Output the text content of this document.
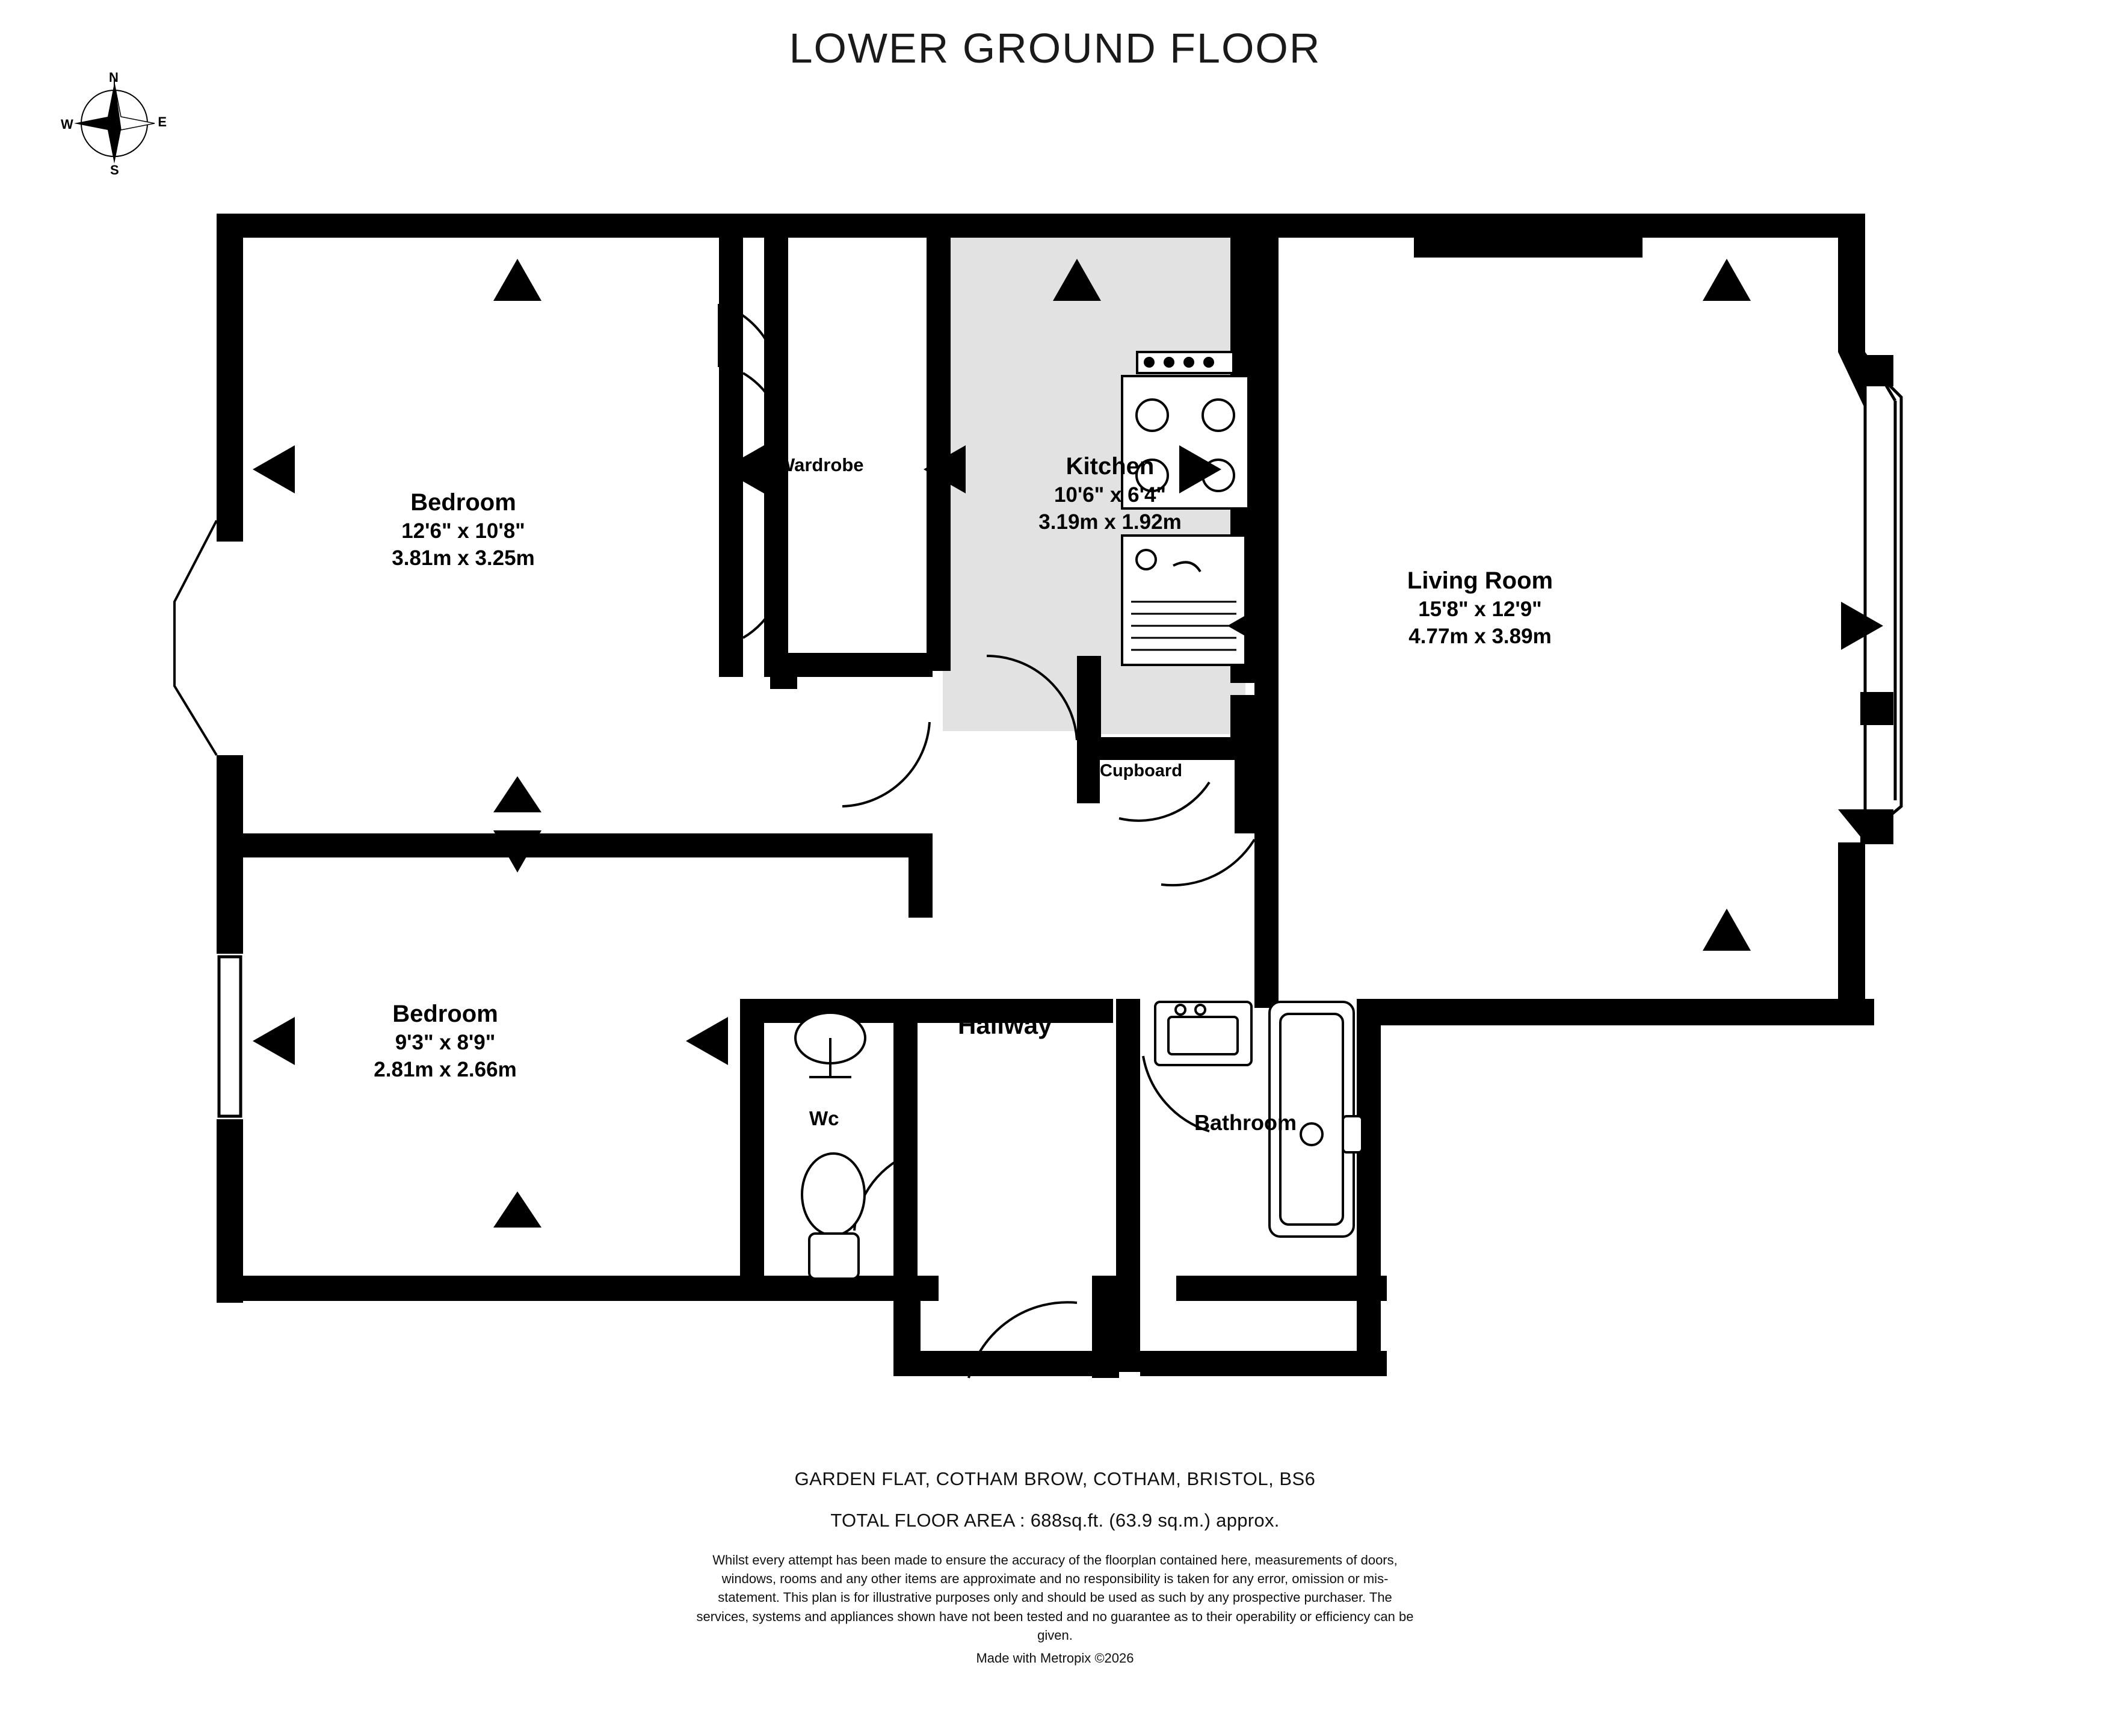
LOWER GROUND FLOOR
N
S
W	E
Bedroom
12'6" x 10'8"
3.81m x 3.25m
Bedroom
9'3" x 8'9"
2.81m x 2.66m
Kitchen
10'6" x 6'4"
3.19m x 1.92m
Living Room
15'8" x 12'9"
4.77m x 3.89m
Wardrobe
Cupboard
Hallway
Wc	Bathroom
GARDEN FLAT, COTHAM BROW, COTHAM, BRISTOL, BS6
TOTAL FLOOR AREA : 688sq.ft. (63.9 sq.m.) approx.
Whilst every attempt has been made to ensure the accuracy of the floorplan contained here, measurements of doors, windows, rooms and any other items are approximate and no responsibility is taken for any error, omission or mis-statement. This plan is for illustrative purposes only and should be used as such by any prospective purchaser. The services, systems and appliances shown have not been tested and no guarantee as to their operability or efficiency can be given.
Made with Metropix ©2026
